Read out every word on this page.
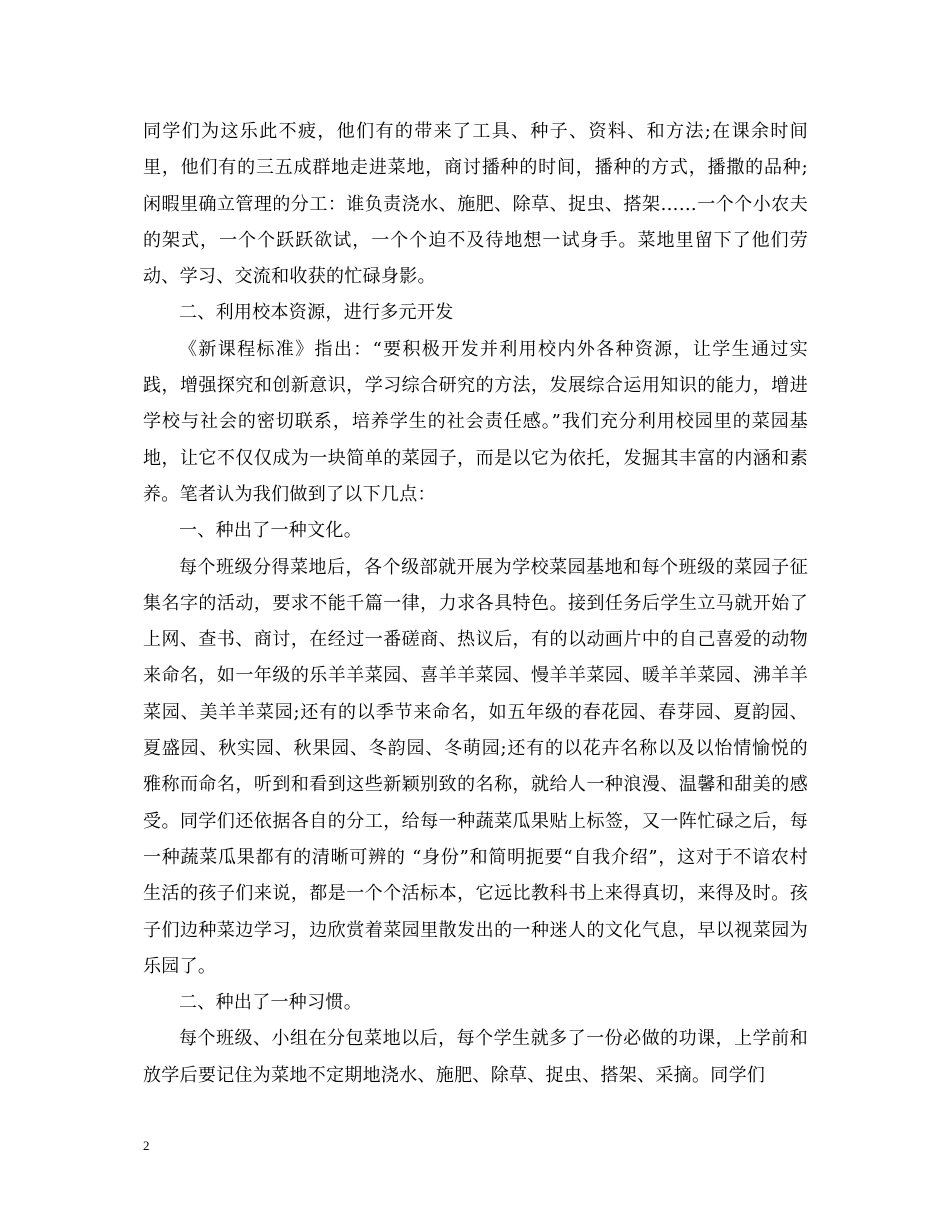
同学们为这乐此不疲，他们有的带来了工具、种子、资料、和方法;在课余时间里，他们有的三五成群地走进菜地，商讨播种的时间，播种的方式，播撒的品种;闲暇里确立管理的分工：谁负责浇水、施肥、除草、捉虫、搭架……一个个小农夫的架式，一个个跃跃欲试，一个个迫不及待地想一试身手。菜地里留下了他们劳动、学习、交流和收获的忙碌身影。

二、利用校本资源，进行多元开发

《新课程标准》指出：“要积极开发并利用校内外各种资源，让学生通过实践，增强探究和创新意识，学习综合研究的方法，发展综合运用知识的能力，增进学校与社会的密切联系，培养学生的社会责任感。”我们充分利用校园里的菜园基地，让它不仅仅成为一块简单的菜园子，而是以它为依托，发掘其丰富的内涵和素养。笔者认为我们做到了以下几点：

一、种出了一种文化。

每个班级分得菜地后，各个级部就开展为学校菜园基地和每个班级的菜园子征集名字的活动，要求不能千篇一律，力求各具特色。接到任务后学生立马就开始了上网、查书、商讨，在经过一番磋商、热议后，有的以动画片中的自己喜爱的动物来命名，如一年级的乐羊羊菜园、喜羊羊菜园、慢羊羊菜园、暖羊羊菜园、沸羊羊菜园、美羊羊菜园;还有的以季节来命名，如五年级的春花园、春芽园、夏韵园、夏盛园、秋实园、秋果园、冬韵园、冬萌园;还有的以花卉名称以及以怡情愉悦的雅称而命名，听到和看到这些新颖别致的名称，就给人一种浪漫、温馨和甜美的感受。同学们还依据各自的分工，给每一种蔬菜瓜果贴上标签，又一阵忙碌之后，每一种蔬菜瓜果都有的清晰可辨的 “身份”和简明扼要“自我介绍”，这对于不谙农村生活的孩子们来说，都是一个个活标本，它远比教科书上来得真切，来得及时。孩子们边种菜边学习，边欣赏着菜园里散发出的一种迷人的文化气息，早以视菜园为乐园了。

二、种出了一种习惯。

每个班级、小组在分包菜地以后，每个学生就多了一份必做的功课，上学前和放学后要记住为菜地不定期地浇水、施肥、除草、捉虫、搭架、采摘。同学们

2
